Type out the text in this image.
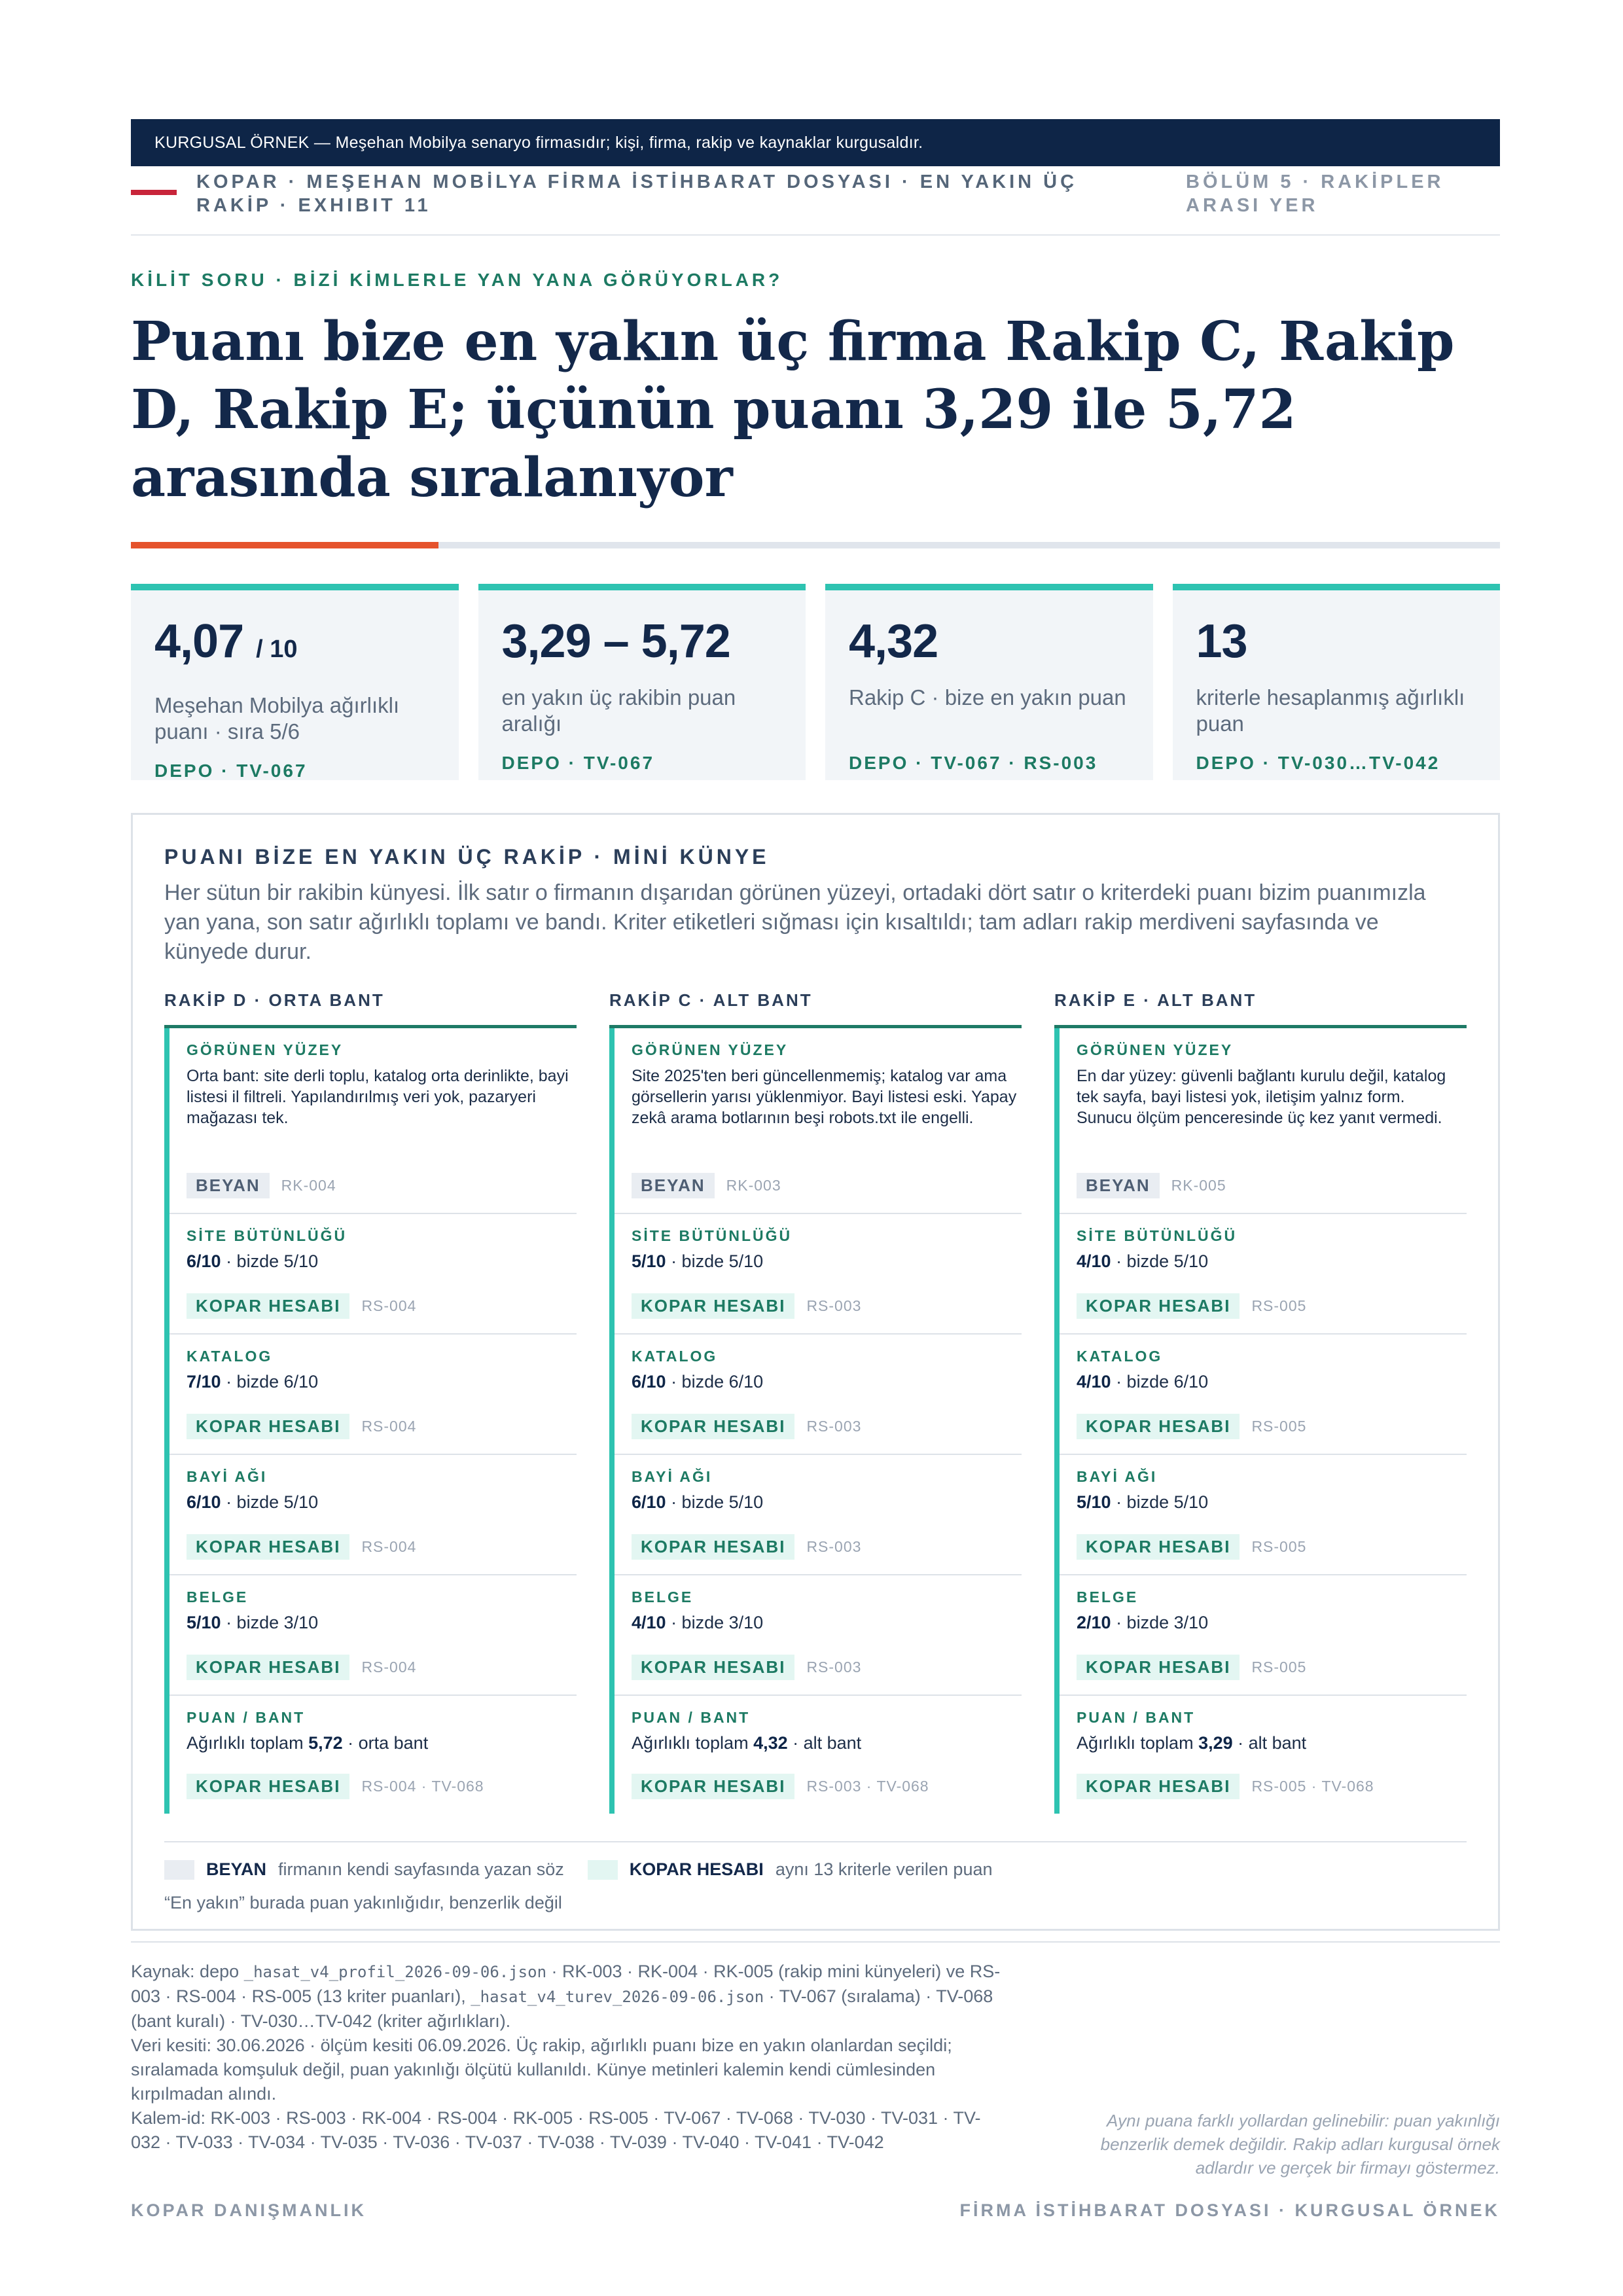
KURGUSAL ÖRNEK — Meşehan Mobilya senaryo firmasıdır; kişi, firma, rakip ve kaynaklar kurgusaldır.
KOPAR · MEŞEHAN MOBİLYA FİRMA İSTİHBARAT DOSYASI · EN YAKIN ÜÇ RAKİP · EXHIBIT 11
BÖLÜM 5 · RAKİPLER ARASI YER
KİLİT SORU · BİZİ KİMLERLE YAN YANA GÖRÜYORLAR?
Puanı bize en yakın üç firma Rakip C, Rakip D, Rakip E; üçünün puanı 3,29 ile 5,72 arasında sıralanıyor
4,07 / 10
Meşehan Mobilya ağırlıklı puanı · sıra 5/6
DEPO · TV-067
3,29 – 5,72
en yakın üç rakibin puan aralığı
DEPO · TV-067
4,32
Rakip C · bize en yakın puan
DEPO · TV-067 · RS-003
13
kriterle hesaplanmış ağırlıklı puan
DEPO · TV-030…TV-042
PUANI BİZE EN YAKIN ÜÇ RAKİP · MİNİ KÜNYE
Her sütun bir rakibin künyesi. İlk satır o firmanın dışarıdan görünen yüzeyi, ortadaki dört satır o kriterdeki puanı bizim puanımızla yan yana, son satır ağırlıklı toplamı ve bandı. Kriter etiketleri sığması için kısaltıldı; tam adları rakip merdiveni sayfasında ve künyede durur.
RAKİP D · ORTA BANT
GÖRÜNEN YÜZEY
Orta bant: site derli toplu, katalog orta derinlikte, bayi listesi il filtreli. Yapılandırılmış veri yok, pazaryeri mağazası tek.
BEYAN	RK-004
SİTE BÜTÜNLÜĞÜ
6/10 · bizde 5/10
KOPAR HESABI	RS-004
KATALOG
7/10 · bizde 6/10
KOPAR HESABI	RS-004
BAYİ AĞI
6/10 · bizde 5/10
KOPAR HESABI	RS-004
BELGE
5/10 · bizde 3/10
KOPAR HESABI	RS-004
PUAN / BANT
Ağırlıklı toplam 5,72 · orta bant
KOPAR HESABI	RS-004 · TV-068
RAKİP C · ALT BANT
GÖRÜNEN YÜZEY
Site 2025'ten beri güncellenmemiş; katalog var ama görsellerin yarısı yüklenmiyor. Bayi listesi eski. Yapay zekâ arama botlarının beşi robots.txt ile engelli.
BEYAN	RK-003
SİTE BÜTÜNLÜĞÜ
5/10 · bizde 5/10
KOPAR HESABI	RS-003
KATALOG
6/10 · bizde 6/10
KOPAR HESABI	RS-003
BAYİ AĞI
6/10 · bizde 5/10
KOPAR HESABI	RS-003
BELGE
4/10 · bizde 3/10
KOPAR HESABI	RS-003
PUAN / BANT
Ağırlıklı toplam 4,32 · alt bant
KOPAR HESABI	RS-003 · TV-068
RAKİP E · ALT BANT
GÖRÜNEN YÜZEY
En dar yüzey: güvenli bağlantı kurulu değil, katalog tek sayfa, bayi listesi yok, iletişim yalnız form. Sunucu ölçüm penceresinde üç kez yanıt vermedi.
BEYAN	RK-005
SİTE BÜTÜNLÜĞÜ
4/10 · bizde 5/10
KOPAR HESABI	RS-005
KATALOG
4/10 · bizde 6/10
KOPAR HESABI	RS-005
BAYİ AĞI
5/10 · bizde 5/10
KOPAR HESABI	RS-005
BELGE
2/10 · bizde 3/10
KOPAR HESABI	RS-005
PUAN / BANT
Ağırlıklı toplam 3,29 · alt bant
KOPAR HESABI	RS-005 · TV-068
BEYAN firmanın kendi sayfasında yazan söz	KOPAR HESABI aynı 13 kriterle verilen puan
“En yakın” burada puan yakınlığıdır, benzerlik değil
Kaynak: depo _hasat_v4_profil_2026-09-06.json · RK-003 · RK-004 · RK-005 (rakip mini künyeleri) ve RS-003 · RS-004 · RS-005 (13 kriter puanları), _hasat_v4_turev_2026-09-06.json · TV-067 (sıralama) · TV-068 (bant kuralı) · TV-030…TV-042 (kriter ağırlıkları).
Veri kesiti: 30.06.2026 · ölçüm kesiti 06.09.2026. Üç rakip, ağırlıklı puanı bize en yakın olanlardan seçildi; sıralamada komşuluk değil, puan yakınlığı ölçütü kullanıldı. Künye metinleri kalemin kendi cümlesinden kırpılmadan alındı.
Kalem-id: RK-003 · RS-003 · RK-004 · RS-004 · RK-005 · RS-005 · TV-067 · TV-068 · TV-030 · TV-031 · TV-032 · TV-033 · TV-034 · TV-035 · TV-036 · TV-037 · TV-038 · TV-039 · TV-040 · TV-041 · TV-042
Aynı puana farklı yollardan gelinebilir: puan yakınlığı benzerlik demek değildir. Rakip adları kurgusal örnek adlardır ve gerçek bir firmayı göstermez.
KOPAR DANIŞMANLIK	FİRMA İSTİHBARAT DOSYASI · KURGUSAL ÖRNEK
